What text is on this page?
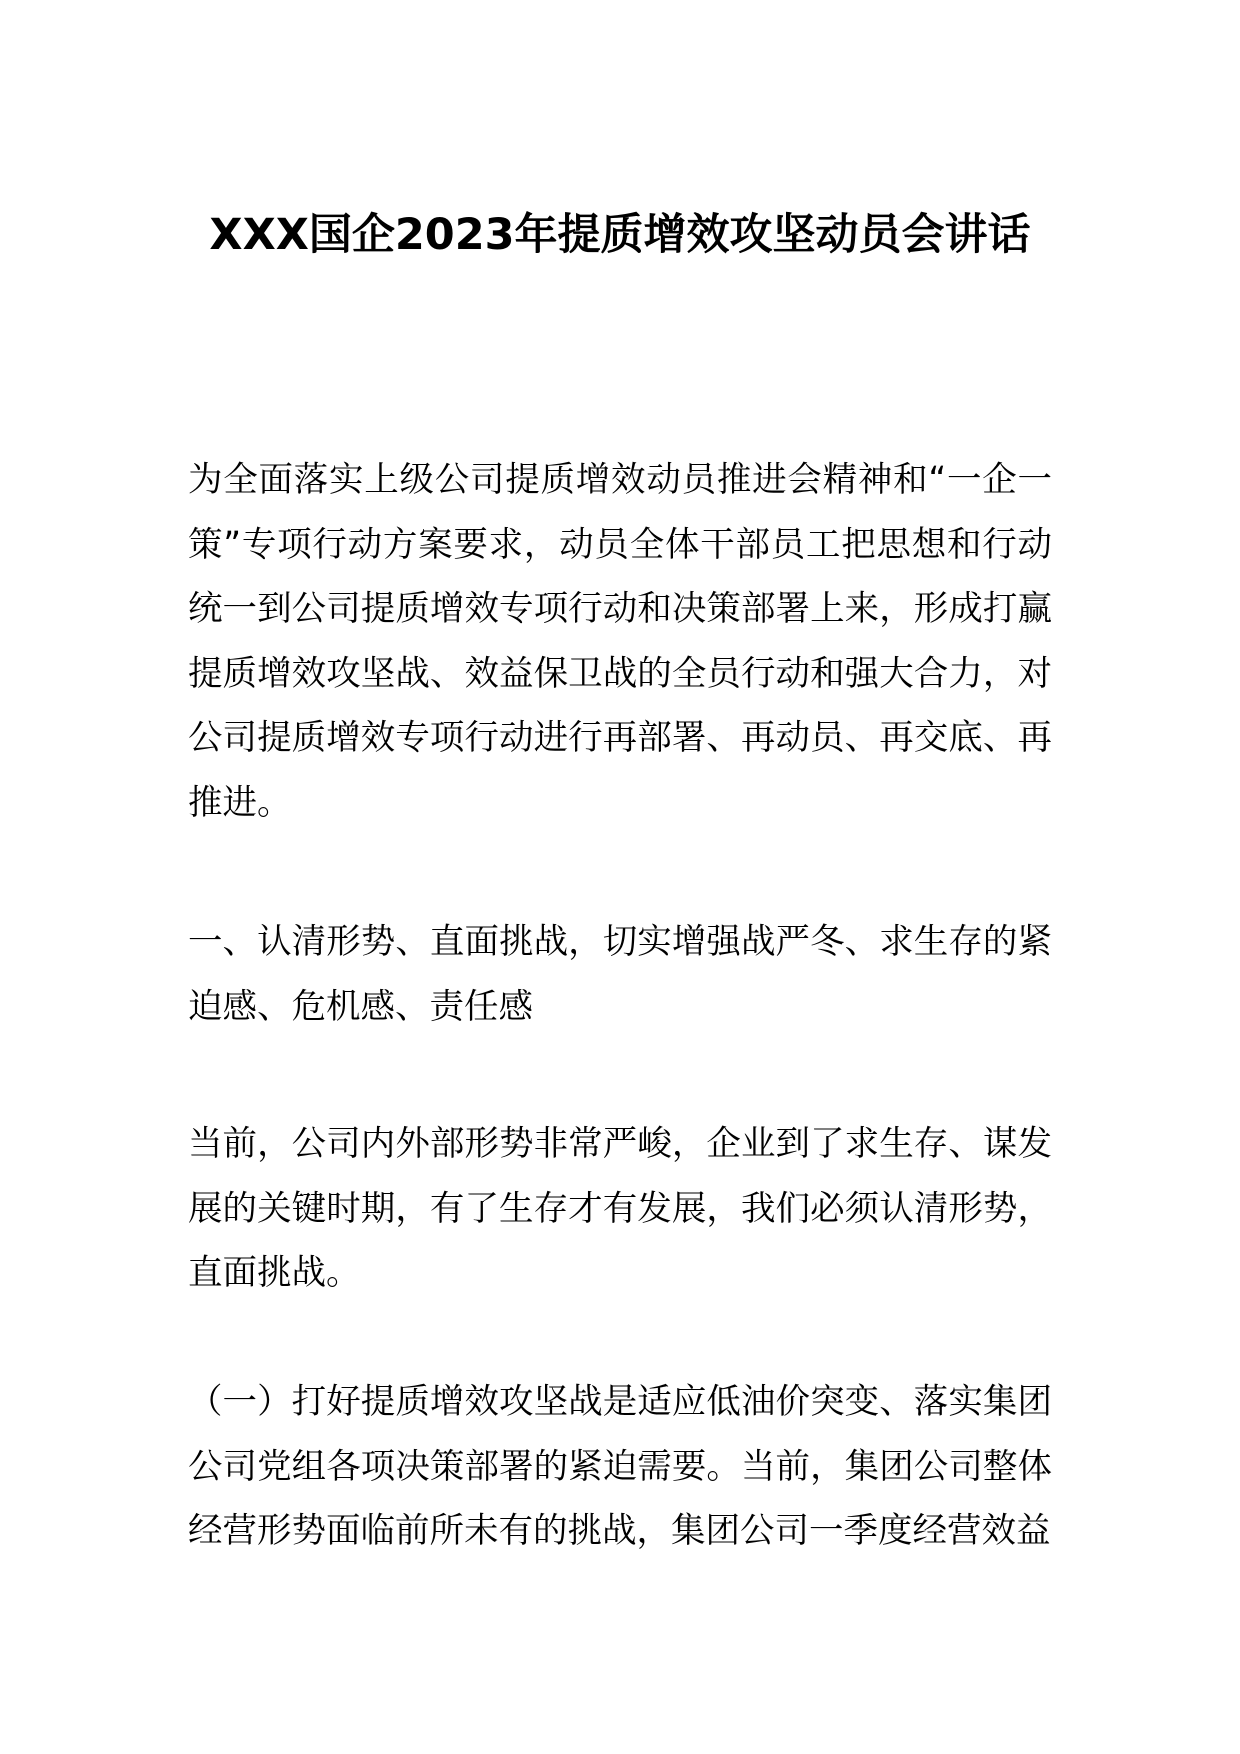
XXX国企2023年提质增效攻坚动员会讲话

为全面落实上级公司提质增效动员推进会精神和“一企一策”专项行动方案要求，动员全体干部员工把思想和行动统一到公司提质增效专项行动和决策部署上来，形成打赢提质增效攻坚战、效益保卫战的全员行动和强大合力，对公司提质增效专项行动进行再部署、再动员、再交底、再推进。

一、认清形势、直面挑战，切实增强战严冬、求生存的紧迫感、危机感、责任感

当前，公司内外部形势非常严峻，企业到了求生存、谋发展的关键时期，有了生存才有发展，我们必须认清形势，直面挑战。

（一）打好提质增效攻坚战是适应低油价突变、落实集团公司党组各项决策部署的紧迫需要。当前，集团公司整体经营形势面临前所未有的挑战，集团公司一季度经营效益
